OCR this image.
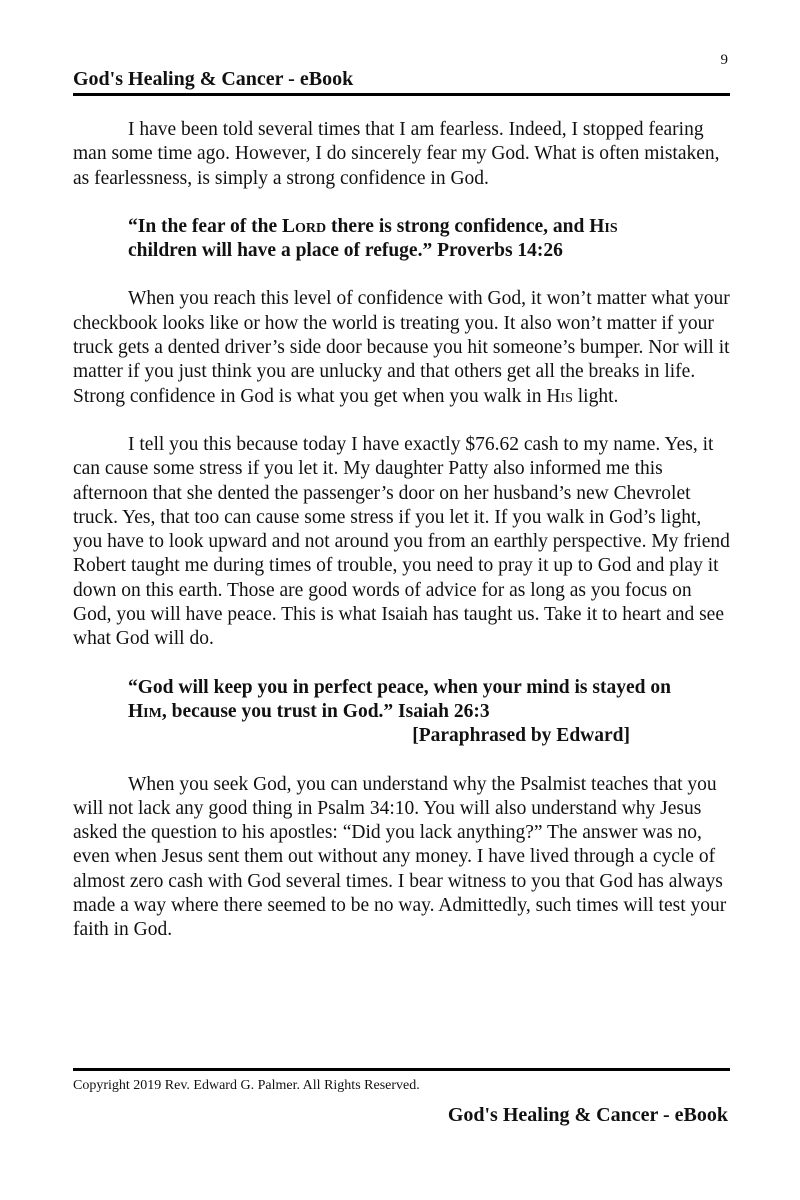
9
God's Healing & Cancer - eBook

I have been told several times that I am fearless. Indeed, I stopped fearing man some time ago. However, I do sincerely fear my God. What is often mistaken, as fearlessness, is simply a strong confidence in God.

“In the fear of the Lord there is strong confidence, and His children will have a place of refuge.” Proverbs 14:26

When you reach this level of confidence with God, it won’t matter what your checkbook looks like or how the world is treating you. It also won’t matter if your truck gets a dented driver’s side door because you hit someone’s bumper. Nor will it matter if you just think you are unlucky and that others get all the breaks in life. Strong confidence in God is what you get when you walk in His light.

I tell you this because today I have exactly $76.62 cash to my name. Yes, it can cause some stress if you let it. My daughter Patty also informed me this afternoon that she dented the passenger’s door on her husband’s new Chevrolet truck. Yes, that too can cause some stress if you let it. If you walk in God’s light, you have to look upward and not around you from an earthly perspective. My friend Robert taught me during times of trouble, you need to pray it up to God and play it down on this earth. Those are good words of advice for as long as you focus on God, you will have peace. This is what Isaiah has taught us. Take it to heart and see what God will do.

“God will keep you in perfect peace, when your mind is stayed on Him, because you trust in God.” Isaiah 26:3
[Paraphrased by Edward]

When you seek God, you can understand why the Psalmist teaches that you will not lack any good thing in Psalm 34:10. You will also understand why Jesus asked the question to his apostles: “Did you lack anything?” The answer was no, even when Jesus sent them out without any money. I have lived through a cycle of almost zero cash with God several times. I bear witness to you that God has always made a way where there seemed to be no way. Admittedly, such times will test your faith in God.

Copyright 2019 Rev. Edward G. Palmer. All Rights Reserved.
God's Healing & Cancer - eBook
